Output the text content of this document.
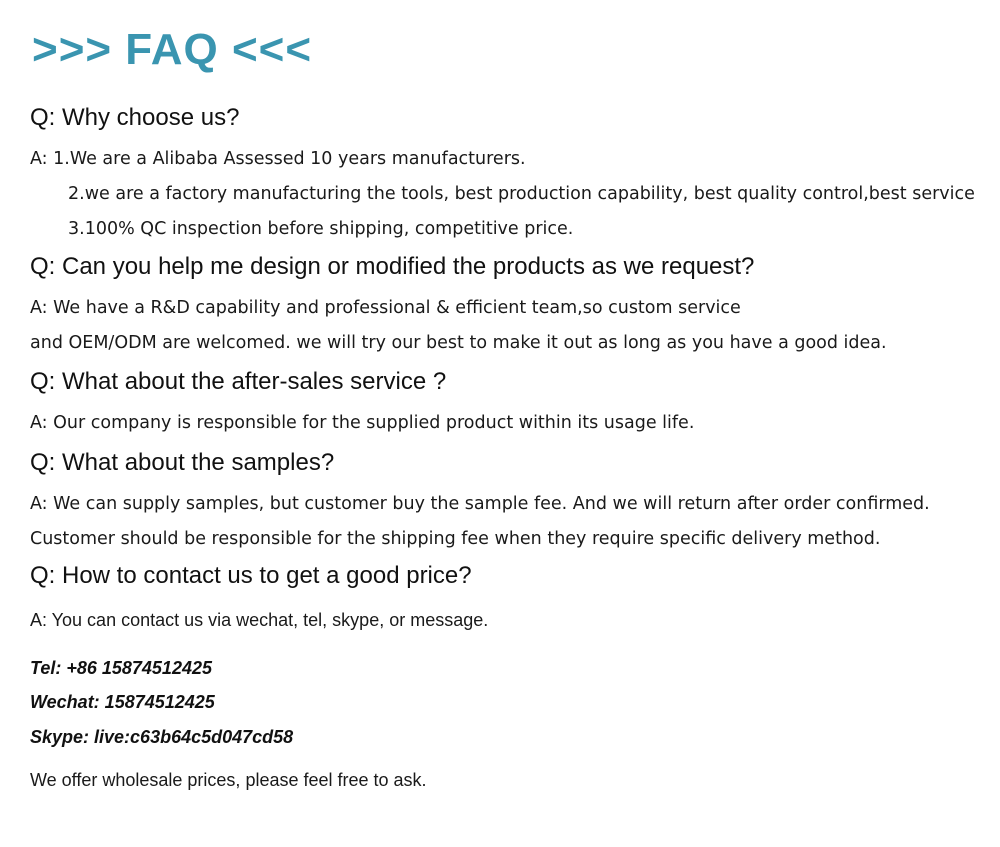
>>> FAQ <<<
Q: Why choose us?
A: 1.We are a Alibaba Assessed 10 years manufacturers.
2.we are a factory manufacturing the tools, best production capability, best quality control,best service
3.100% QC inspection before shipping, competitive price.
Q: Can you help me design or modified the products as we request?
A: We have a R&D capability and professional & efficient team,so custom service
and OEM/ODM are welcomed. we will try our best to make it out as long as you have a good idea.
Q: What about the after-sales service ?
A: Our company is responsible for the supplied product within its usage life.
Q: What about the samples?
A: We can supply samples, but customer buy the sample fee. And we will return after order confirmed.
Customer should be responsible for the shipping fee when they require specific delivery method.
Q: How to contact us to get a good price?
A: You can contact us via wechat, tel, skype, or message.
Tel: +86 15874512425
Wechat: 15874512425
Skype: live:c63b64c5d047cd58
We offer wholesale prices, please feel free to ask.
